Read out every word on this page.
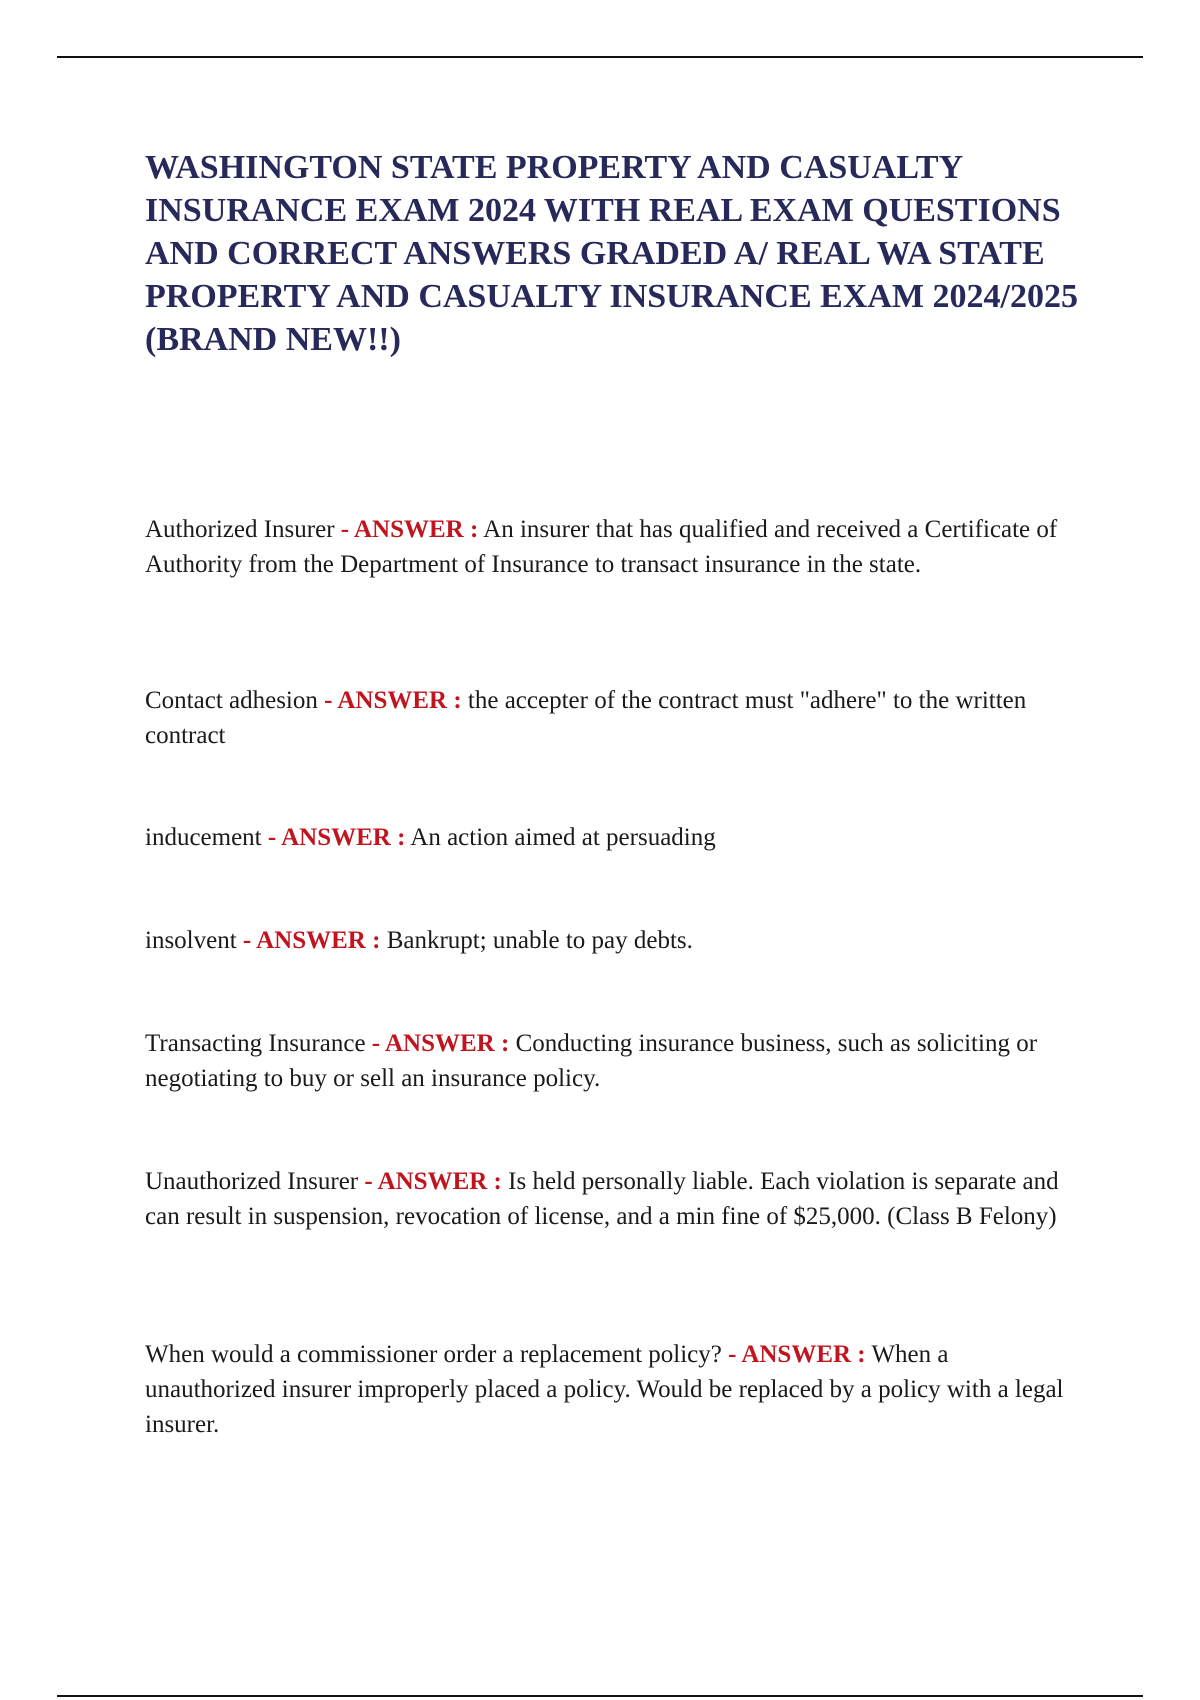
WASHINGTON STATE PROPERTY AND CASUALTY INSURANCE EXAM 2024 WITH REAL EXAM QUESTIONS AND CORRECT ANSWERS GRADED A/ REAL WA STATE PROPERTY AND CASUALTY INSURANCE EXAM 2024/2025 (BRAND NEW!!)

Authorized Insurer - ANSWER : An insurer that has qualified and received a Certificate of Authority from the Department of Insurance to transact insurance in the state.

Contact adhesion - ANSWER : the accepter of the contract must "adhere" to the written contract

inducement - ANSWER : An action aimed at persuading

insolvent - ANSWER : Bankrupt; unable to pay debts.

Transacting Insurance - ANSWER : Conducting insurance business, such as soliciting or negotiating to buy or sell an insurance policy.

Unauthorized Insurer - ANSWER : Is held personally liable. Each violation is separate and can result in suspension, revocation of license, and a min fine of $25,000. (Class B Felony)

When would a commissioner order a replacement policy? - ANSWER : When a unauthorized insurer improperly placed a policy. Would be replaced by a policy with a legal insurer.
